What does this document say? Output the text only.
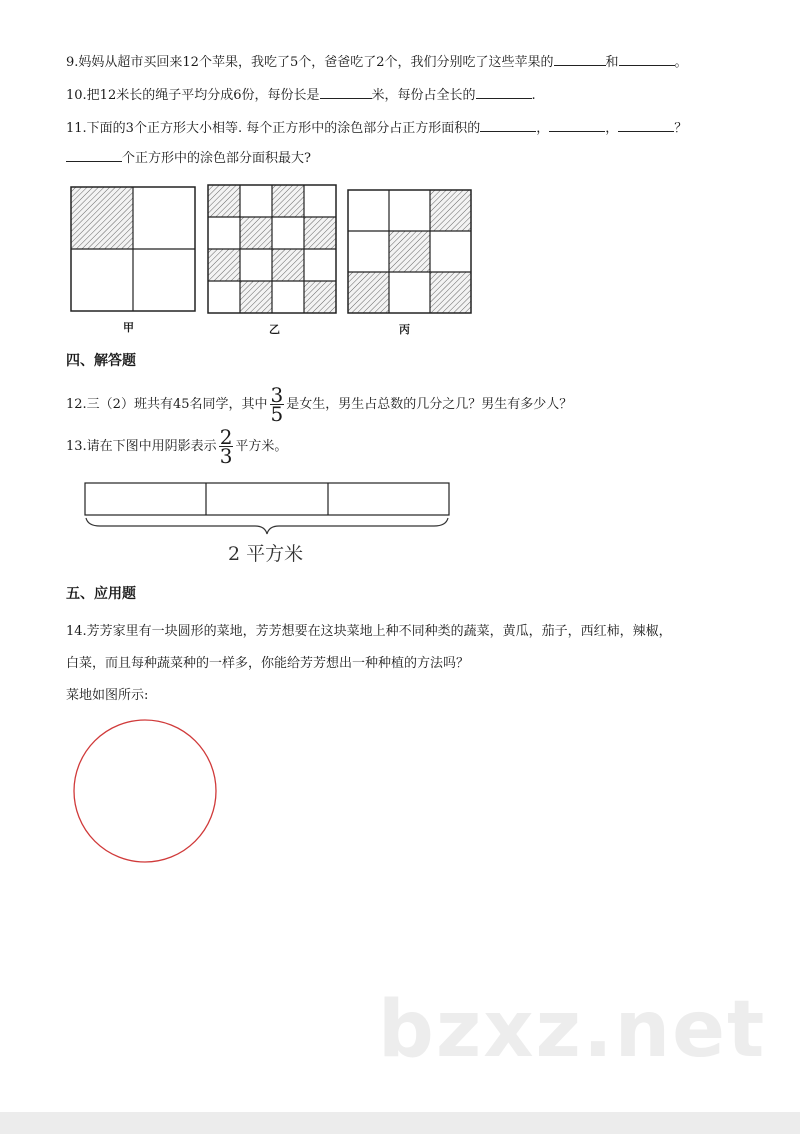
9.妈妈从超市买回来12个苹果，我吃了5个，爸爸吃了2个，我们分别吃了这些苹果的	和	。
10.把12米长的绳子平均分成6份，每份长是	米，每份占全长的	.
11.下面的3个正方形大小相等. 每个正方形中的涂色部分占正方形面积的	，	，	？
个正方形中的涂色部分面积最大?
甲	乙	丙
四、解答题
12.三（2）班共有45名同学，其中 $\frac{3}{5}$ 是女生，男生占总数的几分之几？男生有多少人？
13.请在下图中用阴影表示 $\frac{2}{3}$ 平方米。
2 平方米
五、应用题
14.芳芳家里有一块圆形的菜地，芳芳想要在这块菜地上种不同种类的蔬菜，黄瓜，茄子，西红柿，辣椒，
白菜，而且每种蔬菜种的一样多，你能给芳芳想出一种种植的方法吗？
菜地如图所示:
bzxz.net
